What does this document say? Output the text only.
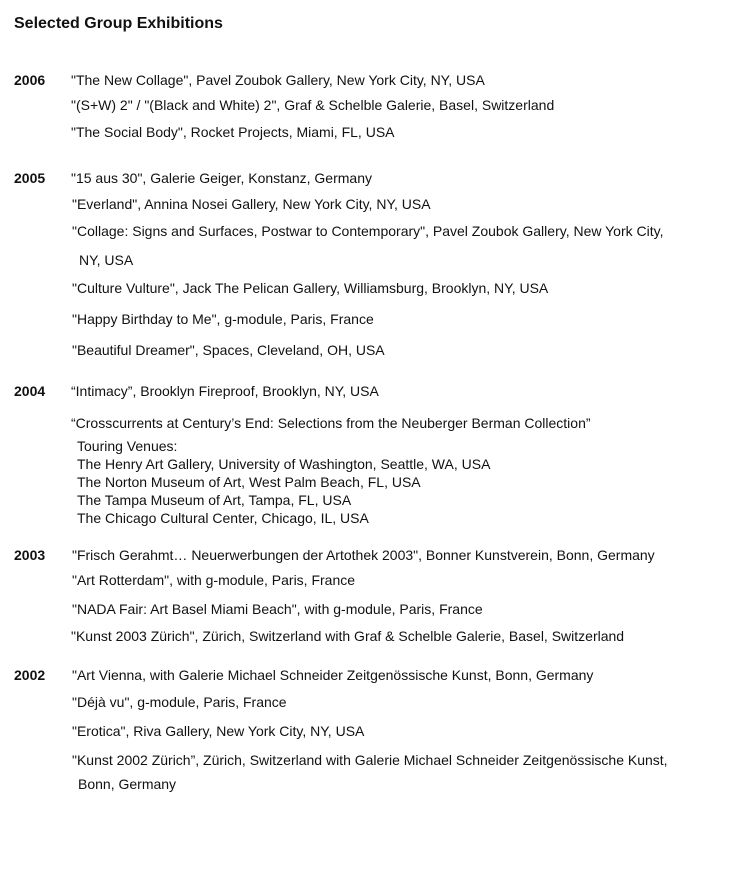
Selected Group Exhibitions
2006 "The New Collage", Pavel Zoubok Gallery, New York City, NY, USA
"(S+W) 2" / "(Black and White) 2", Graf & Schelble Galerie, Basel, Switzerland
"The Social Body", Rocket Projects, Miami, FL, USA
2005 "15 aus 30", Galerie Geiger, Konstanz, Germany
"Everland", Annina Nosei Gallery, New York City, NY, USA
"Collage: Signs and Surfaces, Postwar to Contemporary", Pavel Zoubok Gallery, New York City,
NY, USA
"Culture Vulture", Jack The Pelican Gallery, Williamsburg, Brooklyn, NY, USA
"Happy Birthday to Me", g-module, Paris, France
"Beautiful Dreamer", Spaces, Cleveland, OH, USA
2004 “Intimacy”, Brooklyn Fireproof, Brooklyn, NY, USA
“Crosscurrents at Century’s End: Selections from the Neuberger Berman Collection”
Touring Venues:
The Henry Art Gallery, University of Washington, Seattle, WA, USA
The Norton Museum of Art, West Palm Beach, FL, USA
The Tampa Museum of Art, Tampa, FL, USA
The Chicago Cultural Center, Chicago, IL, USA
2003 "Frisch Gerahmt… Neuerwerbungen der Artothek 2003", Bonner Kunstverein, Bonn, Germany
"Art Rotterdam", with g-module, Paris, France
"NADA Fair: Art Basel Miami Beach", with g-module, Paris, France
"Kunst 2003 Zürich", Zürich, Switzerland with Graf & Schelble Galerie, Basel, Switzerland
2002 "Art Vienna, with Galerie Michael Schneider Zeitgenössische Kunst, Bonn, Germany
"Déjà vu", g-module, Paris, France
"Erotica", Riva Gallery, New York City, NY, USA
"Kunst 2002 Zürich”, Zürich, Switzerland with Galerie Michael Schneider Zeitgenössische Kunst,
Bonn, Germany
